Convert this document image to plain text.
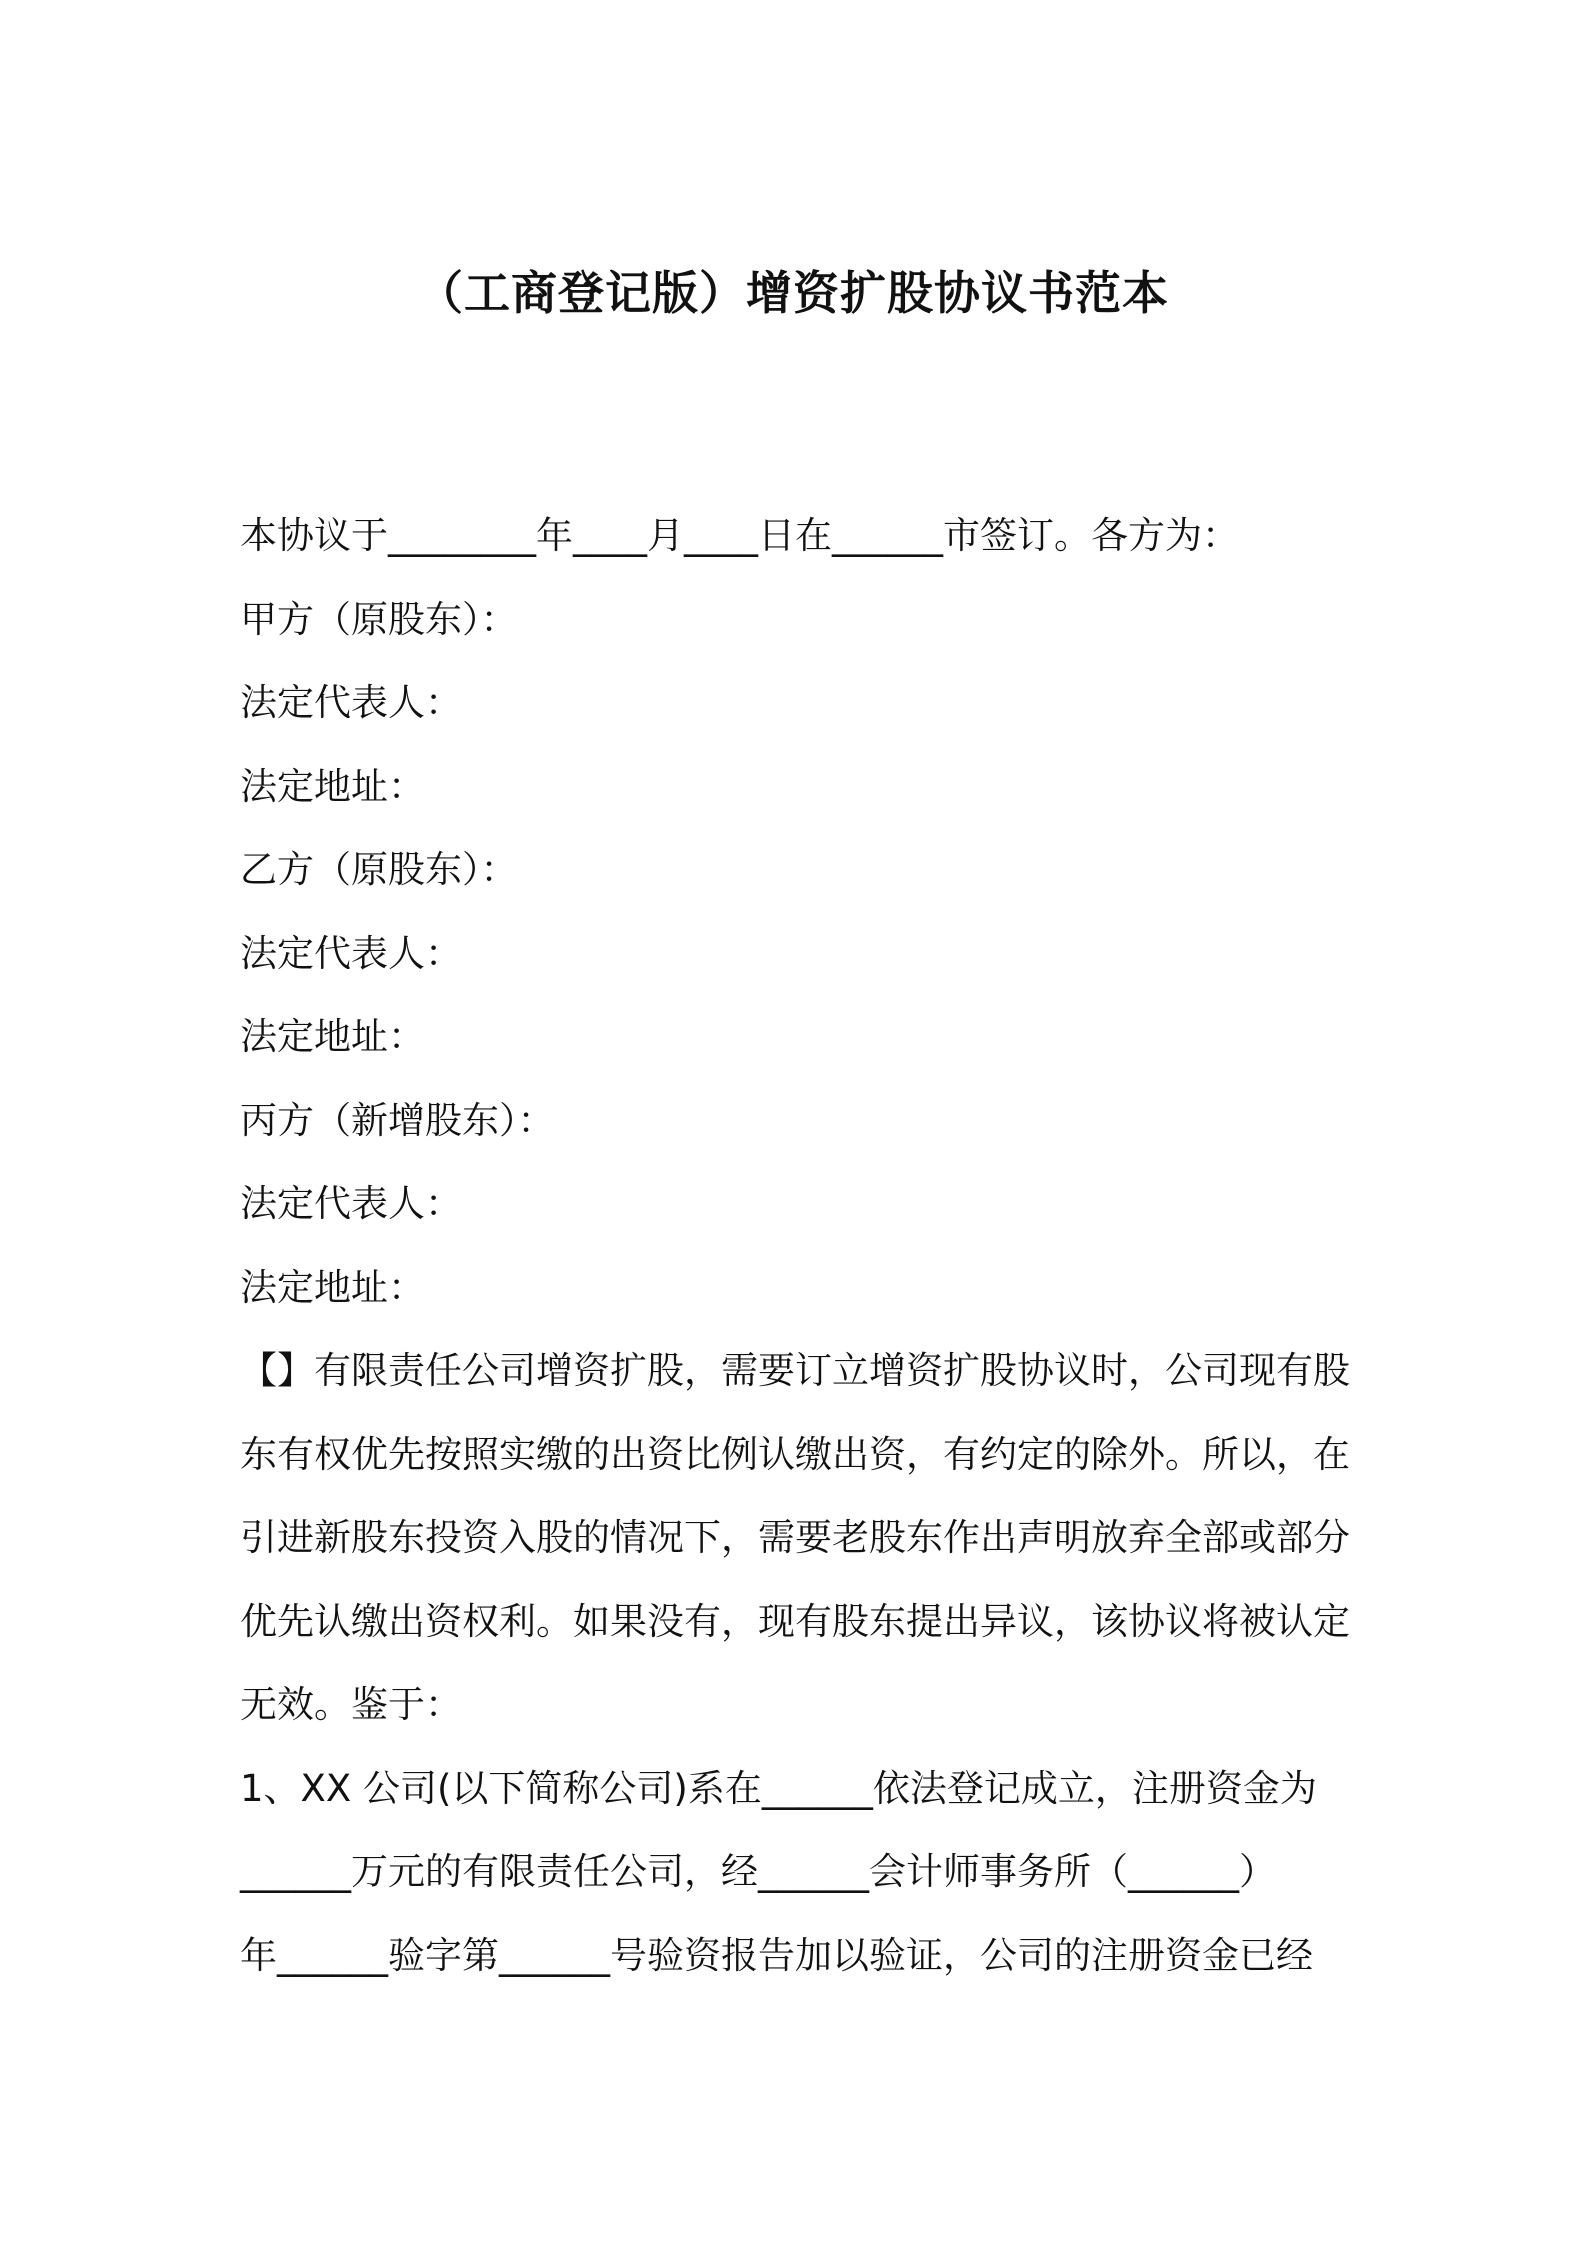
（工商登记版）增资扩股协议书范本
本协议于________年____月____日在______市签订。各方为：
甲方（原股东）：
法定代表人：
法定地址：
乙方（原股东）：
法定代表人：
法定地址：
丙方（新增股东）：
法定代表人：
法定地址：
【】有限责任公司增资扩股，需要订立增资扩股协议时，公司现有股
东有权优先按照实缴的出资比例认缴出资，有约定的除外。所以，在
引进新股东投资入股的情况下，需要老股东作出声明放弃全部或部分
优先认缴出资权利。如果没有，现有股东提出异议，该协议将被认定
无效。鉴于：
1、XX 公司(以下简称公司)系在______依法登记成立，注册资金为
______万元的有限责任公司，经______会计师事务所（______）
年______验字第______号验资报告加以验证，公司的注册资金已经
